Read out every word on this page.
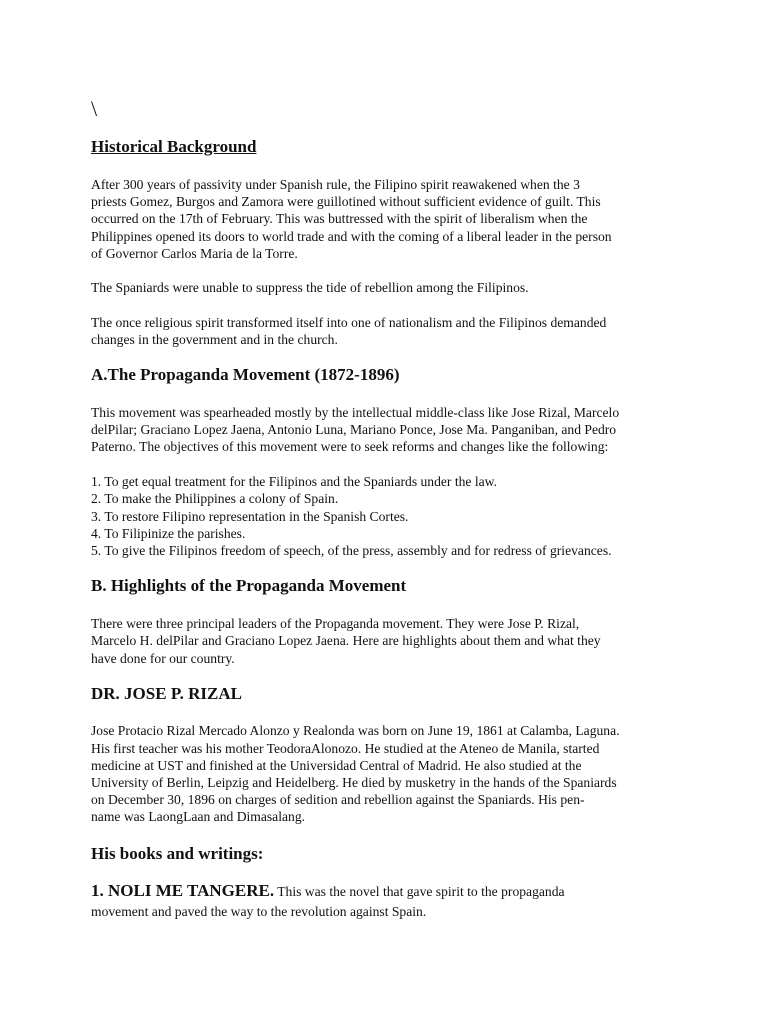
\
Historical Background
After 300 years of passivity under Spanish rule, the Filipino spirit reawakened when the 3
priests Gomez, Burgos and Zamora were guillotined without sufficient evidence of guilt. This
occurred on the 17th of February. This was buttressed with the spirit of liberalism when the
Philippines opened its doors to world trade and with the coming of a liberal leader in the person
of Governor Carlos Maria de la Torre.
The Spaniards were unable to suppress the tide of rebellion among the Filipinos.
The once religious spirit transformed itself into one of nationalism and the Filipinos demanded
changes in the government and in the church.
A.The Propaganda Movement (1872-1896)
This movement was spearheaded mostly by the intellectual middle-class like Jose Rizal, Marcelo
delPilar; Graciano Lopez Jaena, Antonio Luna, Mariano Ponce, Jose Ma. Panganiban, and Pedro
Paterno. The objectives of this movement were to seek reforms and changes like the following:
1. To get equal treatment for the Filipinos and the Spaniards under the law.
2. To make the Philippines a colony of Spain.
3. To restore Filipino representation in the Spanish Cortes.
4. To Filipinize the parishes.
5. To give the Filipinos freedom of speech, of the press, assembly and for redress of grievances.
B. Highlights of the Propaganda Movement
There were three principal leaders of the Propaganda movement. They were Jose P. Rizal,
Marcelo H. delPilar and Graciano Lopez Jaena. Here are highlights about them and what they
have done for our country.
DR. JOSE P. RIZAL
Jose Protacio Rizal Mercado Alonzo y Realonda was born on June 19, 1861 at Calamba, Laguna.
His first teacher was his mother TeodoraAlonozo. He studied at the Ateneo de Manila, started
medicine at UST and finished at the Universidad Central of Madrid. He also studied at the
University of Berlin, Leipzig and Heidelberg. He died by musketry in the hands of the Spaniards
on December 30, 1896 on charges of sedition and rebellion against the Spaniards. His pen-
name was LaongLaan and Dimasalang.
His books and writings:
1. NOLI ME TANGERE. This was the novel that gave spirit to the propaganda
movement and paved the way to the revolution against Spain.
